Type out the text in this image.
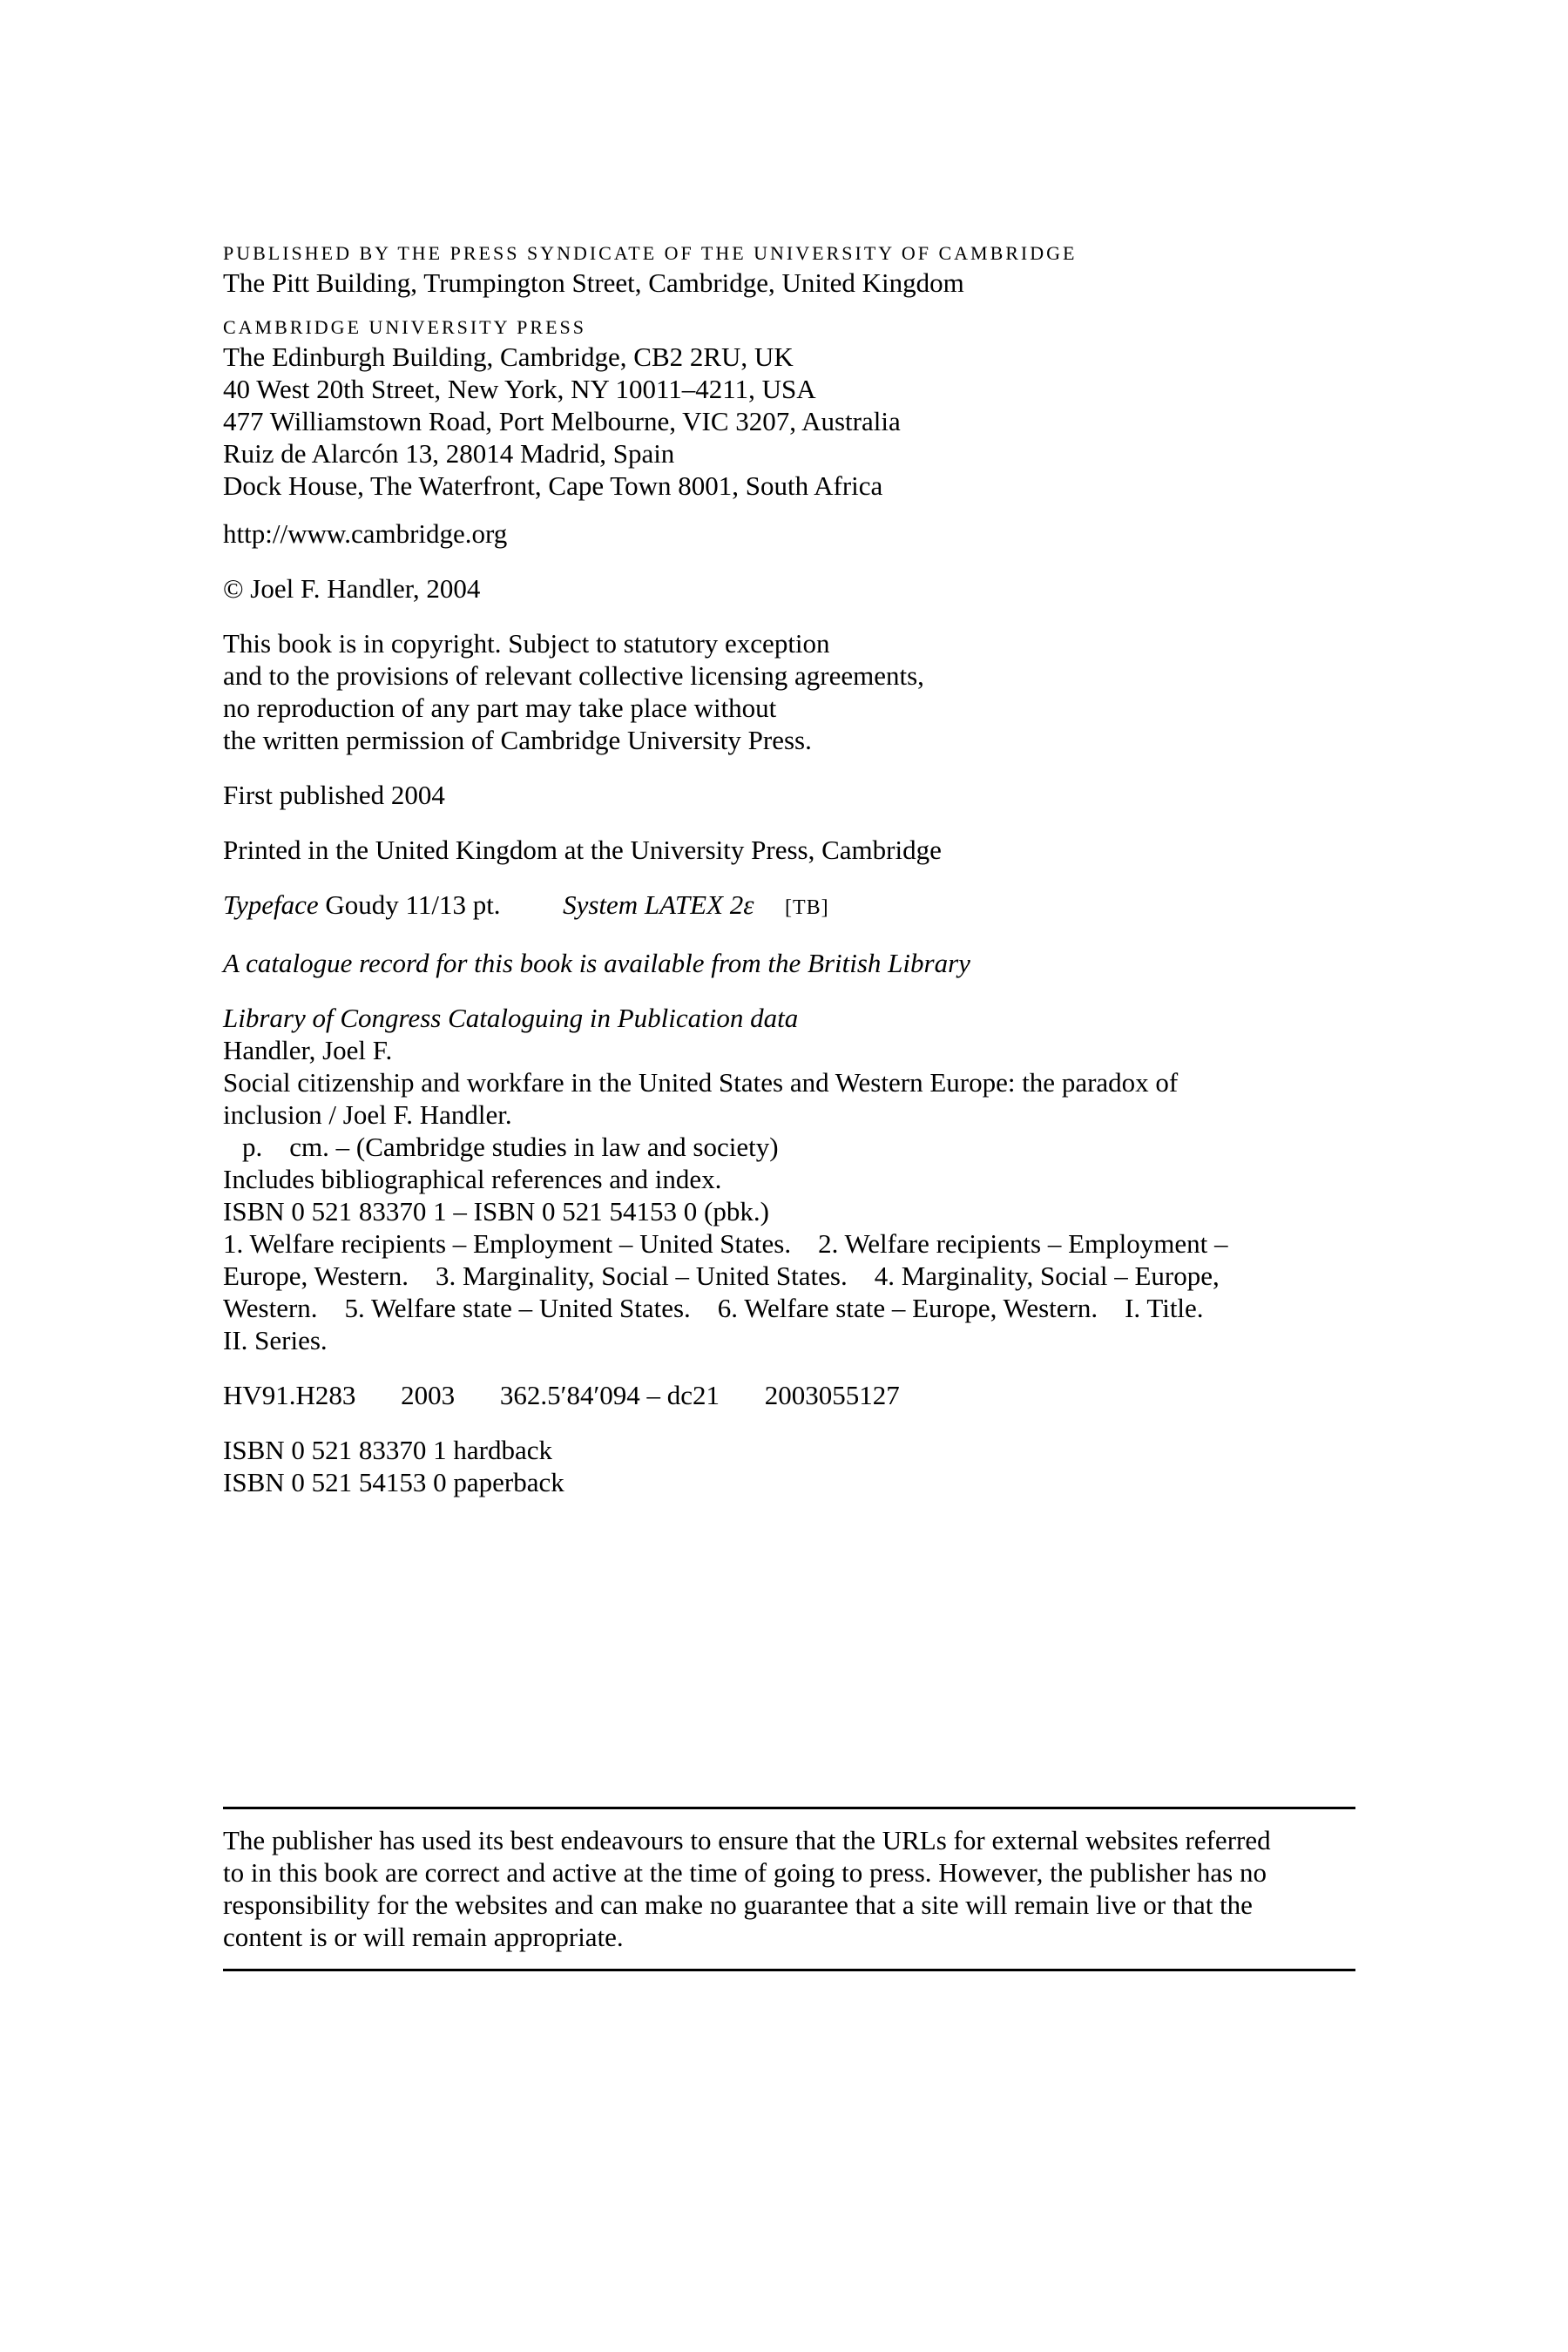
PUBLISHED BY THE PRESS SYNDICATE OF THE UNIVERSITY OF CAMBRIDGE
The Pitt Building, Trumpington Street, Cambridge, United Kingdom
CAMBRIDGE UNIVERSITY PRESS
The Edinburgh Building, Cambridge, CB2 2RU, UK
40 West 20th Street, New York, NY 10011–4211, USA
477 Williamstown Road, Port Melbourne, VIC 3207, Australia
Ruiz de Alarcón 13, 28014 Madrid, Spain
Dock House, The Waterfront, Cape Town 8001, South Africa
http://www.cambridge.org
© Joel F. Handler, 2004
This book is in copyright. Subject to statutory exception
and to the provisions of relevant collective licensing agreements,
no reproduction of any part may take place without
the written permission of Cambridge University Press.
First published 2004
Printed in the United Kingdom at the University Press, Cambridge
Typeface Goudy 11/13 pt. System LATEX 2ε [TB]
A catalogue record for this book is available from the British Library
Library of Congress Cataloguing in Publication data
Handler, Joel F.
Social citizenship and workfare in the United States and Western Europe: the paradox of
inclusion / Joel F. Handler.
p.    cm. – (Cambridge studies in law and society)
Includes bibliographical references and index.
ISBN 0 521 83370 1 – ISBN 0 521 54153 0 (pbk.)
1. Welfare recipients – Employment – United States.    2. Welfare recipients – Employment –
Europe, Western.    3. Marginality, Social – United States.    4. Marginality, Social – Europe,
Western.    5. Welfare state – United States.    6. Welfare state – Europe, Western.    I. Title.
II. Series.
HV91.H283 2003 362.5′84′094 – dc21 2003055127
ISBN 0 521 83370 1 hardback
ISBN 0 521 54153 0 paperback
The publisher has used its best endeavours to ensure that the URLs for external websites referred
to in this book are correct and active at the time of going to press. However, the publisher has no
responsibility for the websites and can make no guarantee that a site will remain live or that the
content is or will remain appropriate.
